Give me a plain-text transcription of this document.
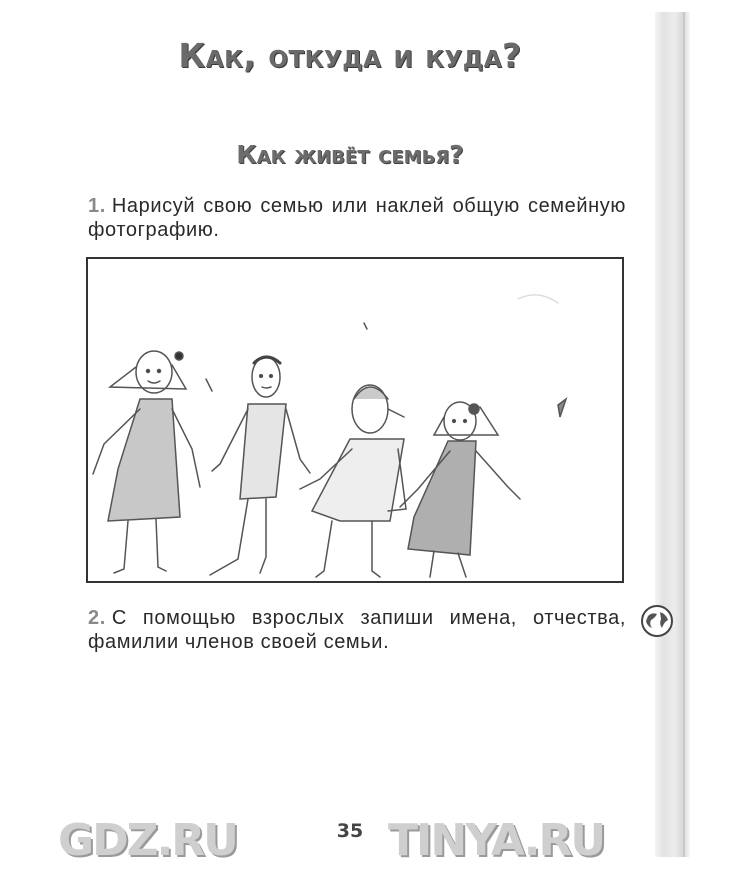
Как, откуда и куда?
Как живёт семья?
1. Нарисуй свою семью или наклей общую семейную фотографию.
2. С помощью взрослых запиши имена, отчества, фамилии членов своей семьи.
35
GDZ.RU	TINYA.RU
